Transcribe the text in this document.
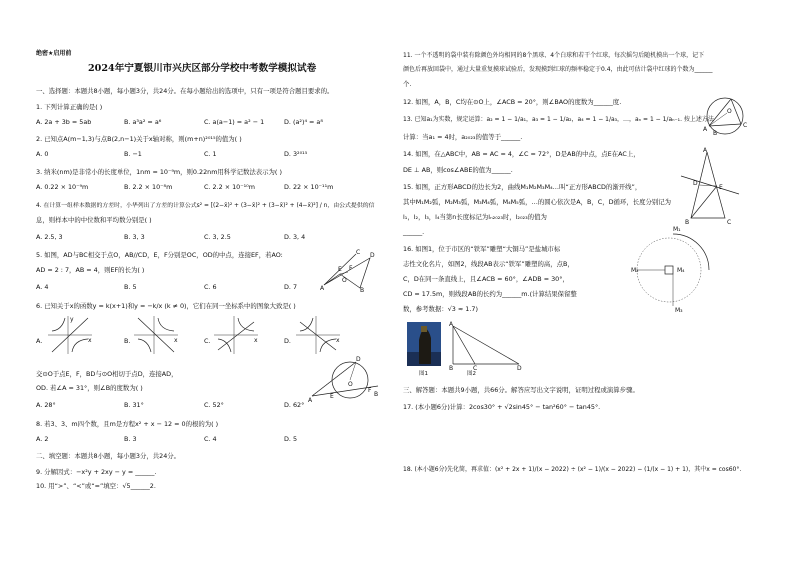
绝密★启用前
2024年宁夏银川市兴庆区部分学校中考数学模拟试卷
一、选择题：本题共8小题，每小题3分，共24分。在每小题给出的选项中，只有一项是符合题目要求的。
1. 下列计算正确的是( )
A. 2a + 3b = 5ab	B. a³a² = a⁶	C. a(a−1) = a² − 1	D. (a²)⁴ = a⁸
2. 已知点A(m−1,3)与点B(2,n−1)关于x轴对称，则(m+n)²⁰¹⁵的值为( )
A. 0	B. −1	C. 1	D. 3²⁰¹⁵
3. 纳米(nm)是非常小的长度单位，1nm = 10⁻⁹m，则0.22nm用科学记数法表示为( )
A. 0.22 × 10⁻⁹m	B. 2.2 × 10⁻⁸m	C. 2.2 × 10⁻¹⁰m	D. 22 × 10⁻¹¹m
4. 在计算一组样本数据的方差时，小华列出了方差的计算公式s² = [(2−x̄)² + (3−x̄)² + (3−x̄)² + (4−x̄)²] / n，由公式提供的信
息，则样本中的中位数和平均数分别是( )
A. 2.5, 3	B. 3, 3	C. 3, 2.5	D. 3, 4
5. 如图，AD与BC相交于点O，AB//CD，E，F分别是OC，OD的中点，连接EF，若AO:
AD = 2 : 7，AB = 4，则EF的长为( )
A. 4	B. 5	C. 6	D. 7	A
C D
B
O
E F
6. 已知关于x的函数y = k(x+1)和y = −k/x (k ≠ 0)，它们在同一坐标系中的图象大致是( )
A.	B.	C.	D.
x
y
x	x	x
交⊙O于点E，F，BD与⊙O相切于点D，连接AD，
OD. 若∠A = 31°，则∠B的度数为( )
A. 28°	B. 31°	C. 52°	D. 62°
A
D
B
O
E
F
8. 若3、3、m四个数，且m是方程x² + x − 12 = 0的根的为( )
A. 2	B. 3	C. 4	D. 5
二、填空题：本题共8小题，每小题3分，共24分。
9. 分解因式：−x²y + 2xy − y = ______.
10. 用“>”、“<”或“=”填空：√5______2.
11. 一个不透明的袋中装有除颜色外均相同的8个黑球、4个白球和若干个红球，每次摇匀后随机摸出一个球，记下
颜色后再放回袋中，通过大量重复摸球试验后，发现摸到红球的频率稳定于0.4，由此可估计袋中红球的个数为______
个.
12. 如图，A，B，C均在⊙O上，∠ACB = 20°，则∠BAO的度数为______度.
O
A
B
C
13. 已知a₁为实数，规定运算：a₂ = 1 − 1/a₁，a₃ = 1 − 1/a₂，a₄ = 1 − 1/a₃，…，aₙ = 1 − 1/aₙ₋₁. 按上述方法
计算：当a₁ = 4时，a₂₀₂₃的值等于______.
14. 如图，在△ABC中，AB = AC = 4，∠C = 72°，D是AB的中点，点E在AC上，
DE ⊥ AB，则cos∠ABE的值为______.
A
D
E
B	C
15. 如图，正方形ABCD的边长为2，曲线M₁M₂M₃M₄…叫“正方形ABCD的渐开线”，
其中M₁M₂弧，M₂M₃弧，M₃M₄弧，M₄M₅弧，…的圆心依次是A，B，C，D循环，长度分别记为
l₁，l₂，l₃，l₄当第n长度标记为lₙ₂₀₂₃时，l₂₀₂₃的值为
______.	M₁
M₂
M₃
M₄
16. 如图1，位于市区的“铁军”雕塑“大铜马”是盐城市标
志性文化名片，如图2，线段AB表示“铁军”雕塑的高，点B，
C，D在同一条直线上，且∠ACB = 60°，∠ADB = 30°，
CD = 17.5m，则线段AB的长约为______m.(计算结果保留整
数，参考数据：√3 ≈ 1.7)
图1
A
B	C	D
图2
三、解答题：本题共9小题，共66分。解答应写出文字说明，证明过程或演算步骤。
17. (本小题6分)计算：2cos30° + √2sin45° − tan²60° − tan45°.
18. (本小题6分)先化简，再求值：(x² + 2x + 1)/(x − 2022) ÷ (x² − 1)/(x − 2022) − (1/(x − 1) + 1)，其中x = cos60°.
